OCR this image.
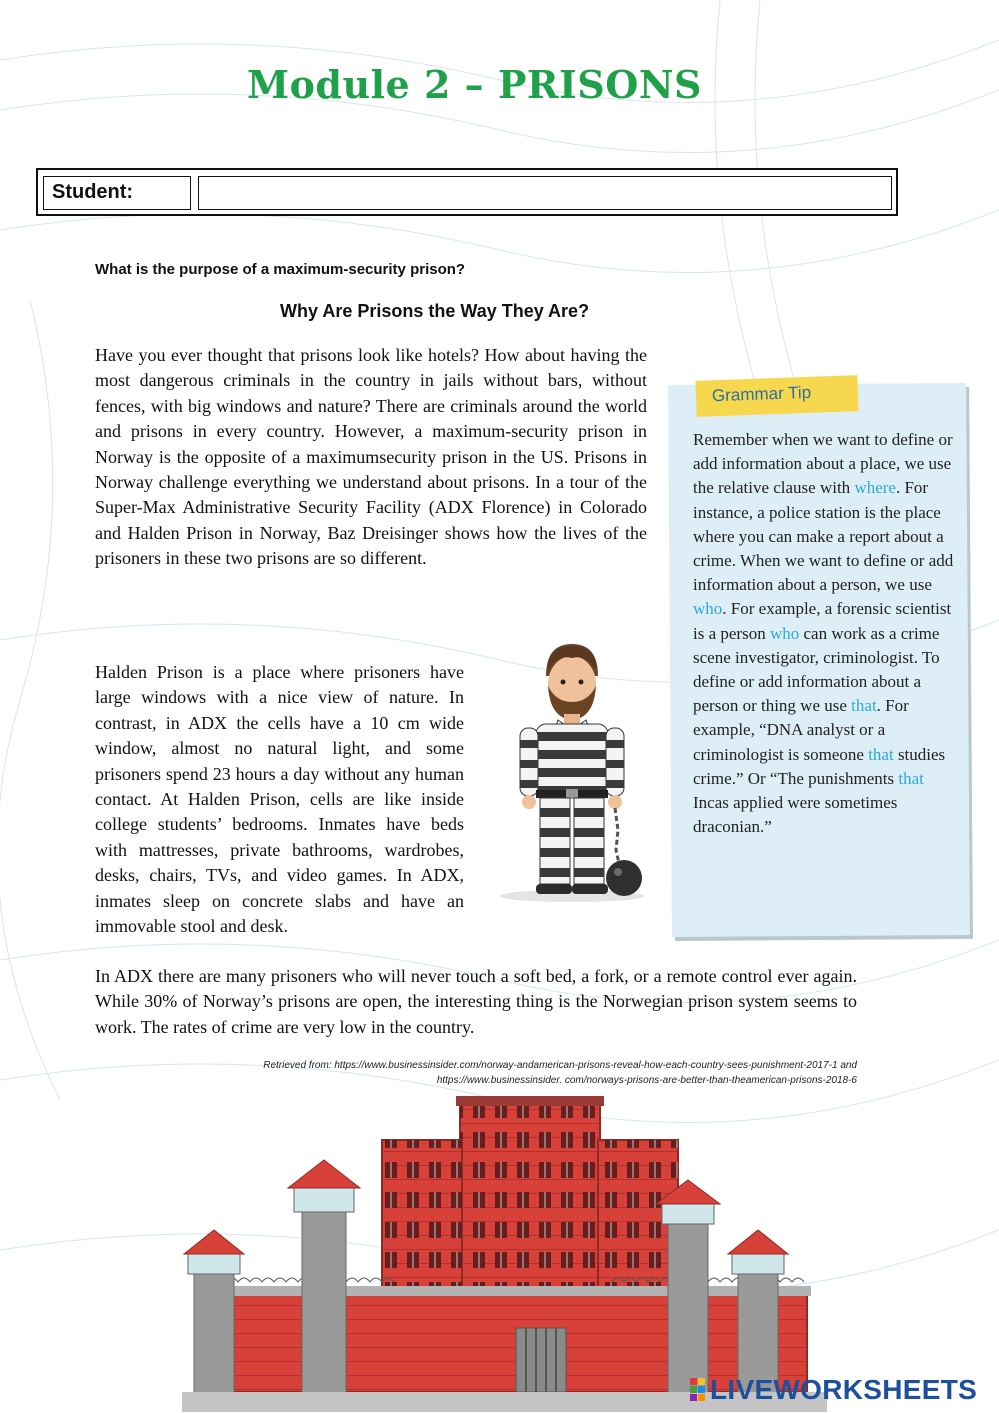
Module 2 – PRISONS
Student:
What is the purpose of a maximum-security prison?
Why Are Prisons the Way They Are?
Have you ever thought that prisons look like hotels? How about having the most dangerous criminals in the country in jails without bars, without fences, with big windows and nature? There are criminals around the world and prisons in every country. However, a maximum-security prison in Norway is the opposite of a maximumsecurity prison in the US. Prisons in Norway challenge everything we understand about prisons. In a tour of the Super-Max Administrative Security Facility (ADX Florence) in Colorado and Halden Prison in Norway, Baz Dreisinger shows how the lives of the prisoners in these two prisons are so different.
Halden Prison is a place where prisoners have large windows with a nice view of nature. In contrast, in ADX the cells have a 10 cm wide window, almost no natural light, and some prisoners spend 23 hours a day without any human contact. At Halden Prison, cells are like inside college students’ bedrooms. Inmates have beds with mattresses, private bathrooms, wardrobes, desks, chairs, TVs, and video games. In ADX, inmates sleep on concrete slabs and have an immovable stool and desk.
Grammar Tip
Remember when we want to define or add information about a place, we use the relative clause with where. For instance, a police station is the place where you can make a report about a crime. When we want to define or add information about a person, we use who. For example, a forensic scientist is a person who can work as a crime scene investigator, criminologist. To define or add information about a person or thing we use that. For example, “DNA analyst or a criminologist is someone that studies crime.” Or “The punishments that Incas applied were sometimes draconian.”
In ADX there are many prisoners who will never touch a soft bed, a fork, or a remote control ever again. While 30% of Norway’s prisons are open, the interesting thing is the Norwegian prison system seems to work. The rates of crime are very low in the country.
Retrieved from: https://www.businessinsider.com/norway-andamerican-prisons-reveal-how-each-country-sees-punishment-2017-1 and
https://www.businessinsider. com/norways-prisons-are-better-than-theamerican-prisons-2018-6
LIVEWORKSHEETS
